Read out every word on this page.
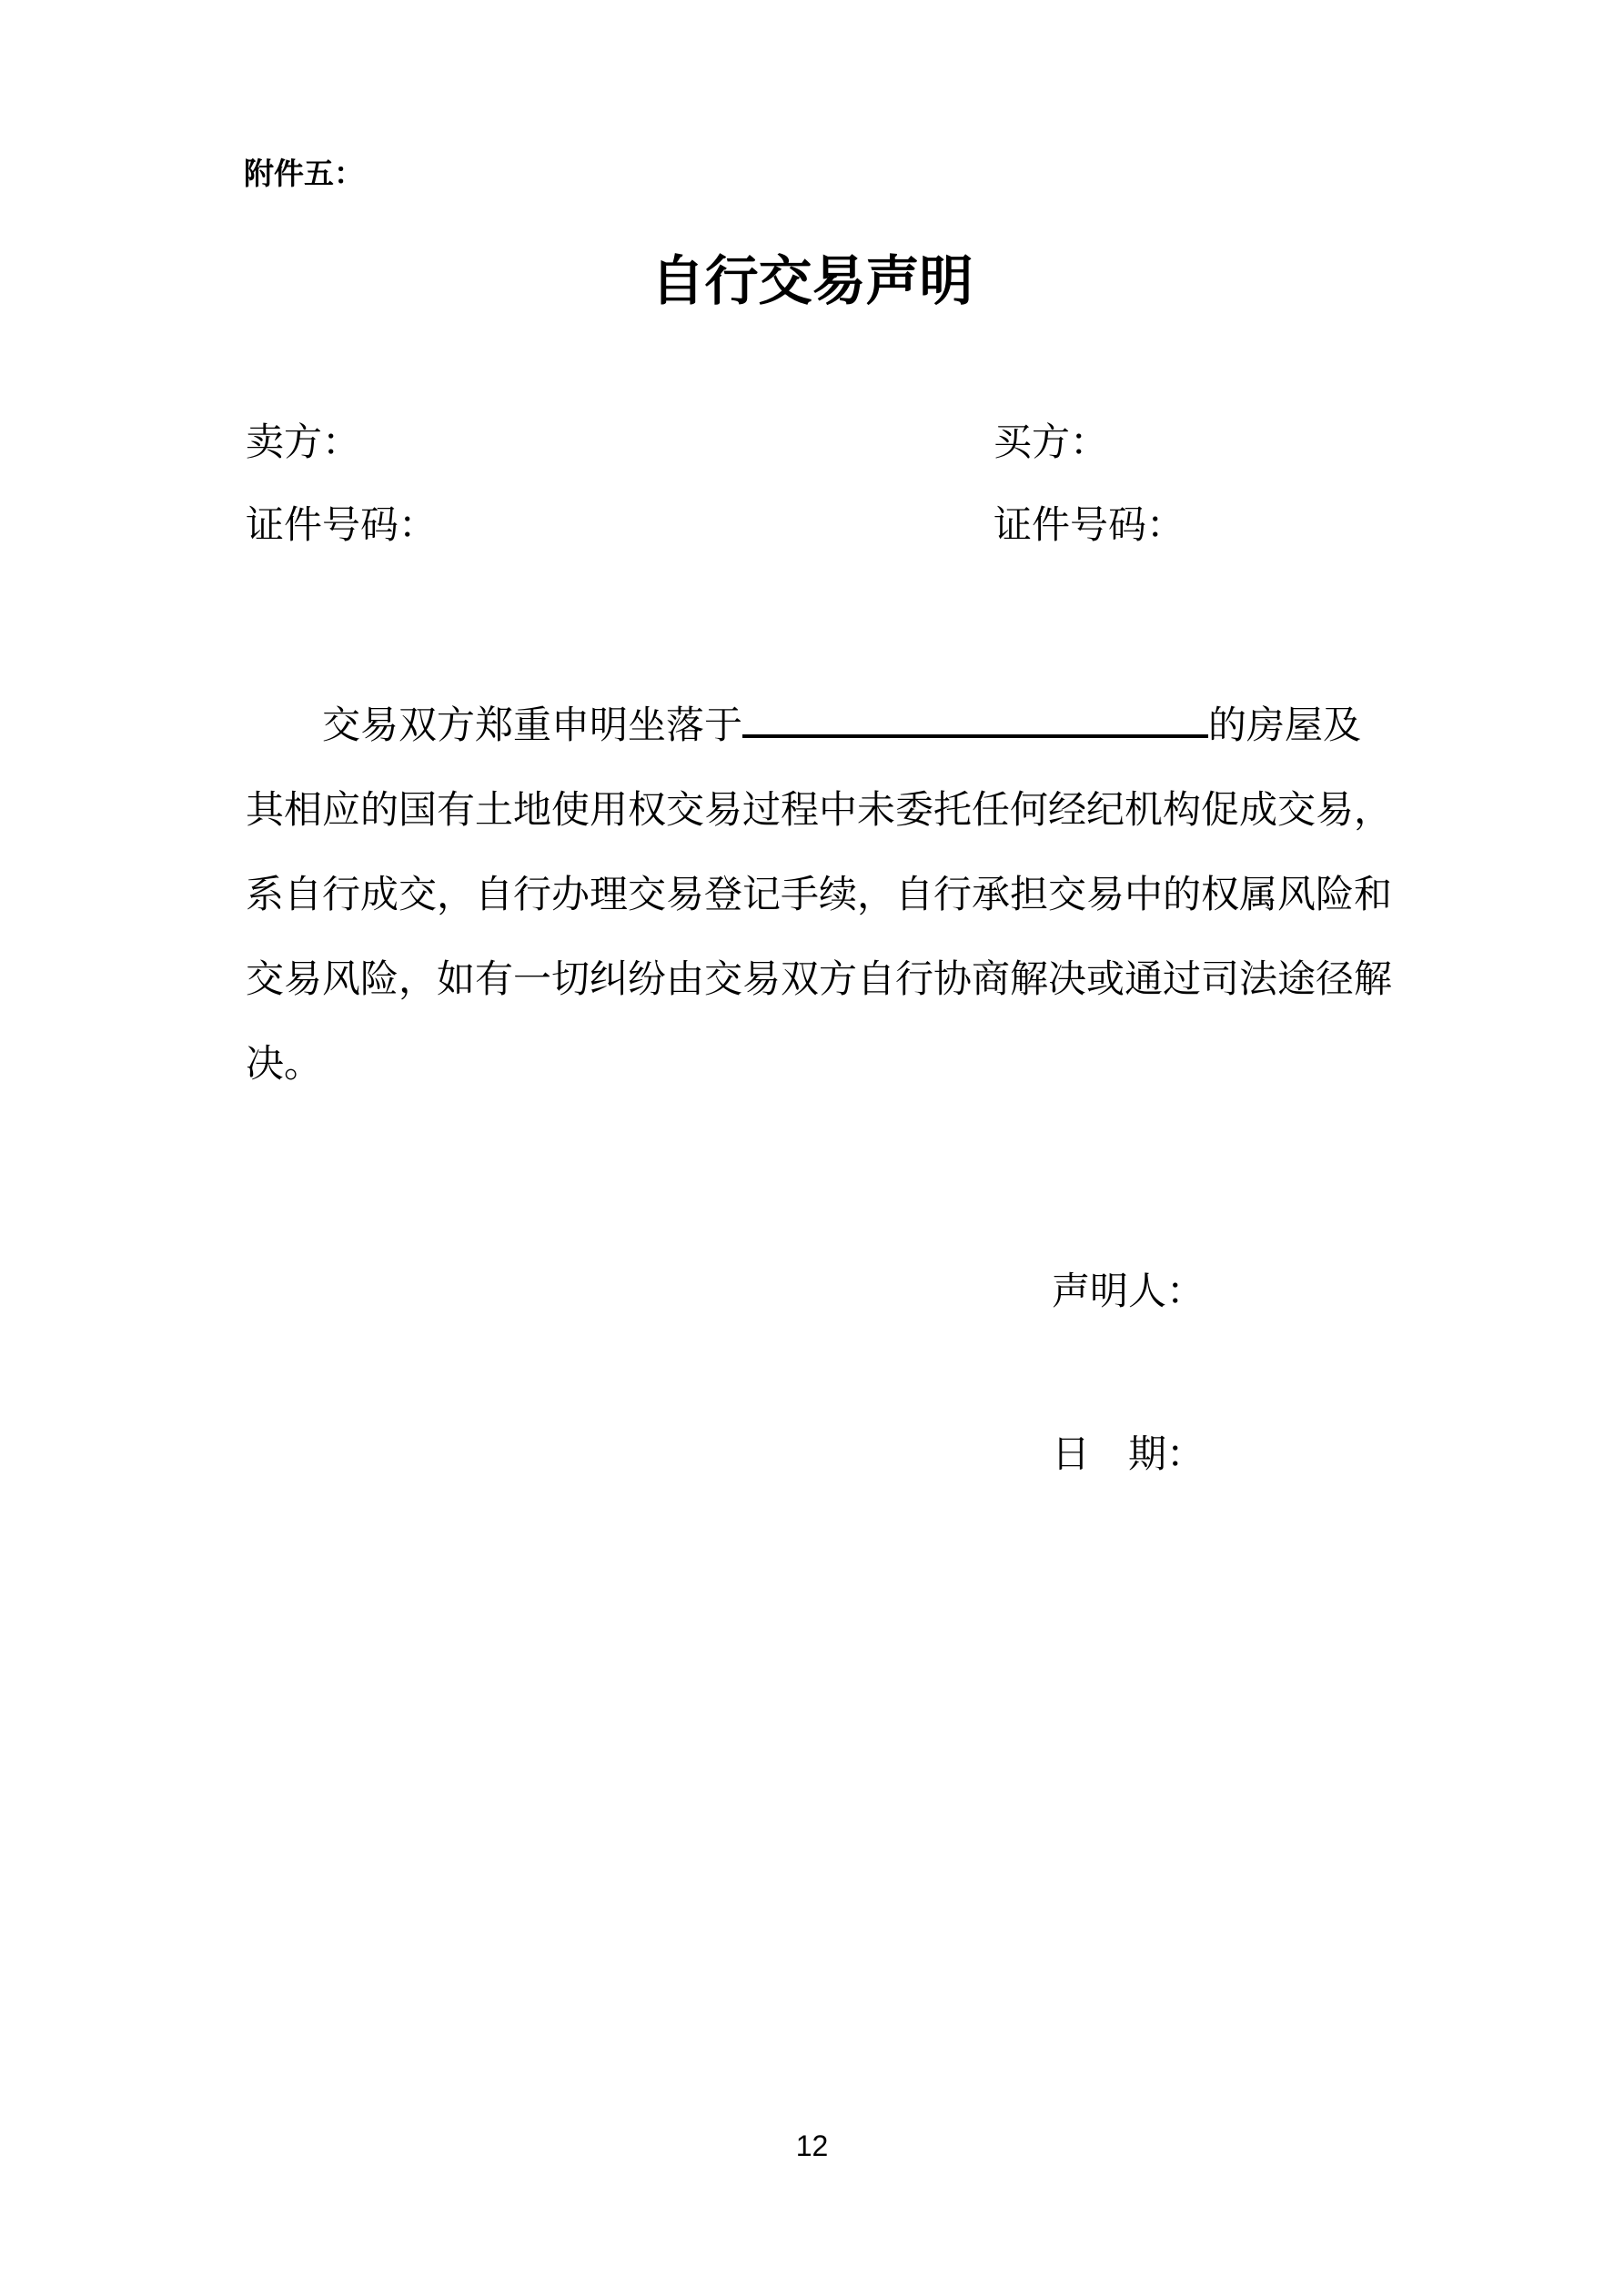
附件五：
自行交易声明
卖方：	买方：
证件号码：	证件号码：
交易双方郑重申明坐落于	的房屋及
其相应的国有土地使用权交易过程中未委托任何经纪机构促成交易，
系自行成交，自行办理交易登记手续，自行承担交易中的权属风险和
交易风险，如有一切纠纷由交易双方自行协商解决或通过司法途径解
决。
声明人：
日　期：
12
